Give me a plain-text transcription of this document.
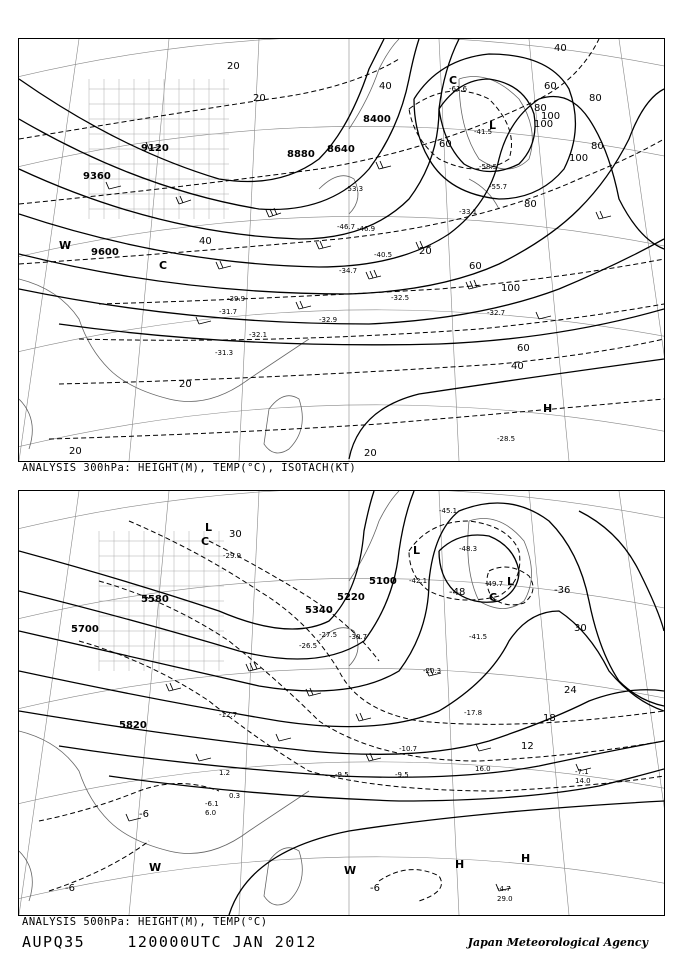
9120
9360
9600
8880 8640
8400
20
20
40
60
80
100
100
80
60
40
20
40
60	80
100
20	20
20
40
60
80
100
-33.1
-53.3
-41.5
-46.7 -46.9
-40.5
-34.7
-31.7
-32.1
-32.9
-32.7
-32.5
-31.3
-28.5
-55.7
-61.6
-58.5
-39.9
W
C
L
H
C
ANALYSIS 300hPa: HEIGHT(M), TEMP(°C), ISOTACH(KT)
5700
5580
5820
5100
5220
5340
30
-48	-36
30
24
18
12
-6
-6	-6
-29.9
-26.5
-27.5 -30.7
-20.3
-17.8
-12.7
-9.5	-9.5	-7.1
-4.7
-6.1
-10.7
-45.1
-48.3
-49.7
-42.1
-41.5
29.0
14.0
16.0
6.0
0.3
1.2
L
C
L
L
W	W	H	H
C
ANALYSIS 500hPa: HEIGHT(M), TEMP(°C)
AUPQ35	120000UTC JAN 2012	Japan Meteorological Agency
